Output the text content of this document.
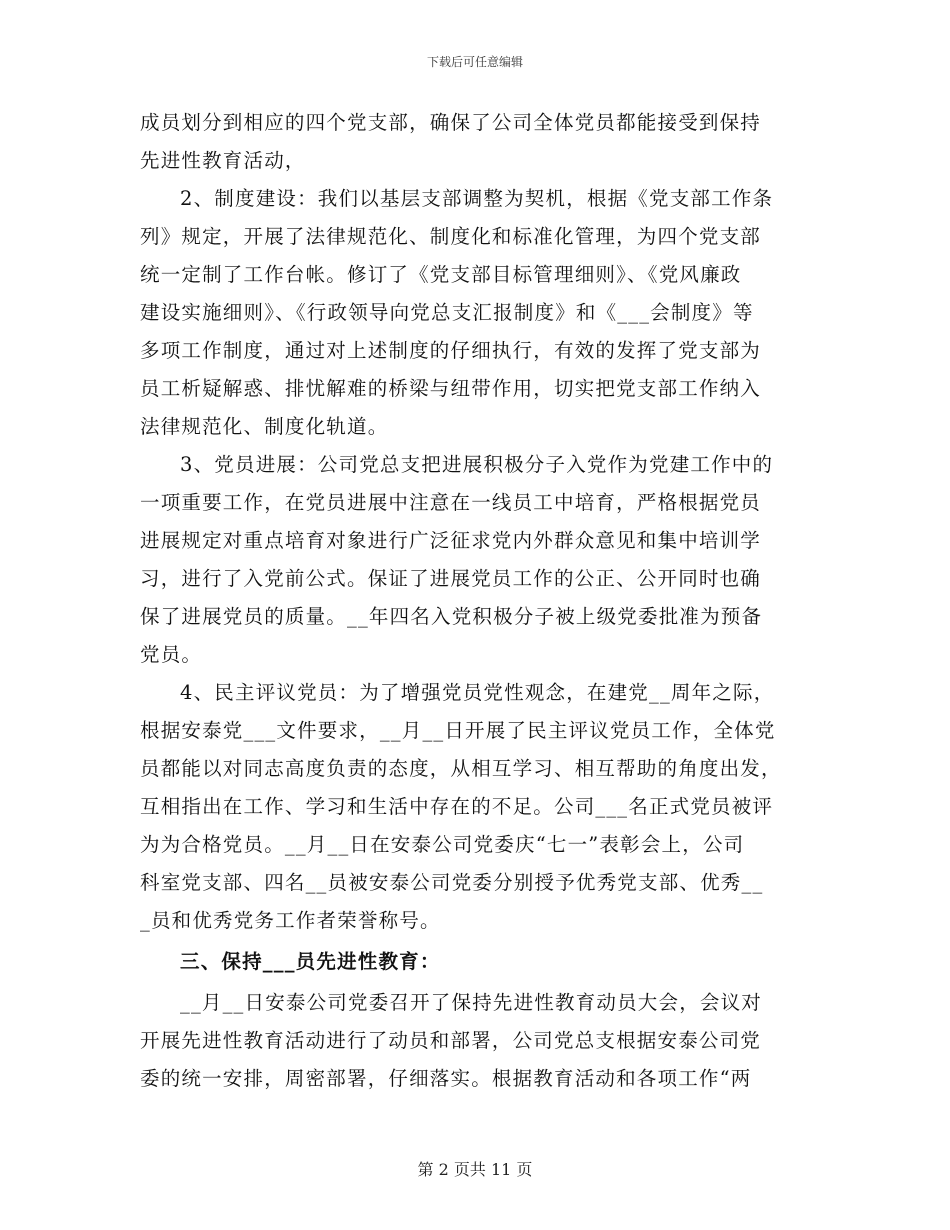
下载后可任意编辑
成员划分到相应的四个党支部，确保了公司全体党员都能接受到保持
先进性教育活动，
2、制度建设：我们以基层支部调整为契机，根据《党支部工作条
列》规定，开展了法律规范化、制度化和标准化管理，为四个党支部
统一定制了工作台帐。修订了《党支部目标管理细则》、《党风廉政
建设实施细则》、《行政领导向党总支汇报制度》和《___会制度》等
多项工作制度，通过对上述制度的仔细执行，有效的发挥了党支部为
员工析疑解惑、排忧解难的桥梁与纽带作用，切实把党支部工作纳入
法律规范化、制度化轨道。
3、党员进展：公司党总支把进展积极分子入党作为党建工作中的
一项重要工作，在党员进展中注意在一线员工中培育，严格根据党员
进展规定对重点培育对象进行广泛征求党内外群众意见和集中培训学
习，进行了入党前公式。保证了进展党员工作的公正、公开同时也确
保了进展党员的质量。__年四名入党积极分子被上级党委批准为预备
党员。
4、民主评议党员：为了增强党员党性观念，在建党__周年之际，
根据安泰党___文件要求，__月__日开展了民主评议党员工作，全体党
员都能以对同志高度负责的态度，从相互学习、相互帮助的角度出发，
互相指出在工作、学习和生活中存在的不足。公司___名正式党员被评
为为合格党员。__月__日在安泰公司党委庆“七一”表彰会上，公司
科室党支部、四名__员被安泰公司党委分别授予优秀党支部、优秀__
_员和优秀党务工作者荣誉称号。
三、保持___员先进性教育：
__月__日安泰公司党委召开了保持先进性教育动员大会，会议对
开展先进性教育活动进行了动员和部署，公司党总支根据安泰公司党
委的统一安排，周密部署，仔细落实。根据教育活动和各项工作“两
第 2 页共 11 页
